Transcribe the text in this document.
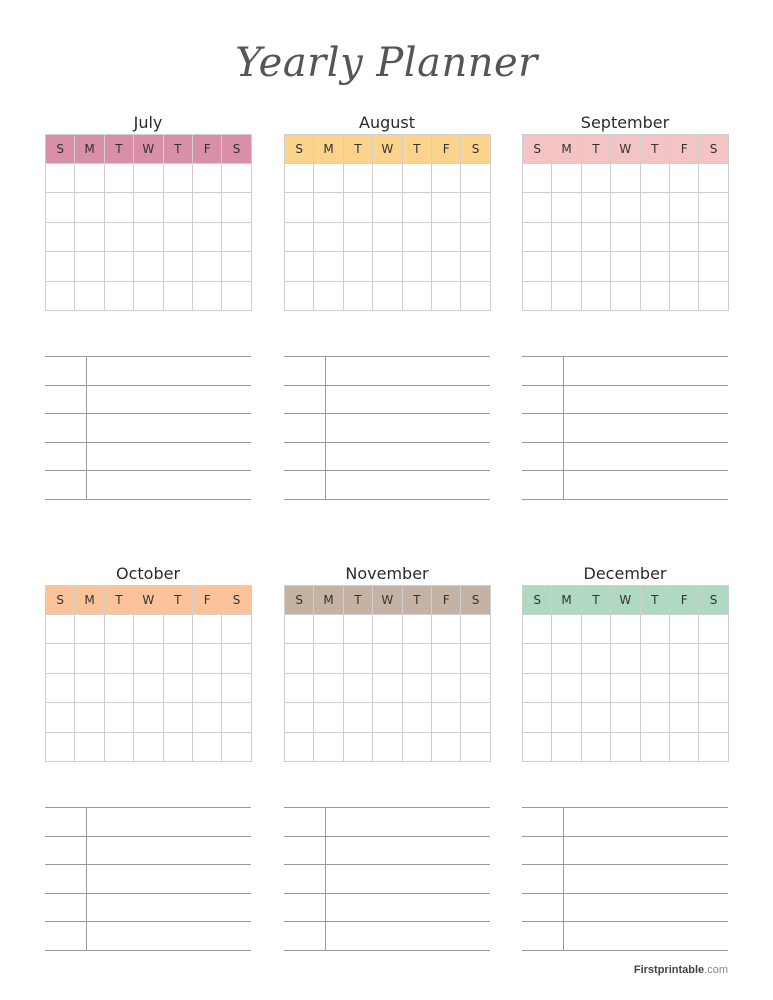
Yearly Planner
July
S	M	T	W	T	F	S

August
S	M	T	W	T	F	S

September
S	M	T	W	T	F	S

October
S	M	T	W	T	F	S

November
S	M	T	W	T	F	S

December
S	M	T	W	T	F	S

Firstprintable.com
